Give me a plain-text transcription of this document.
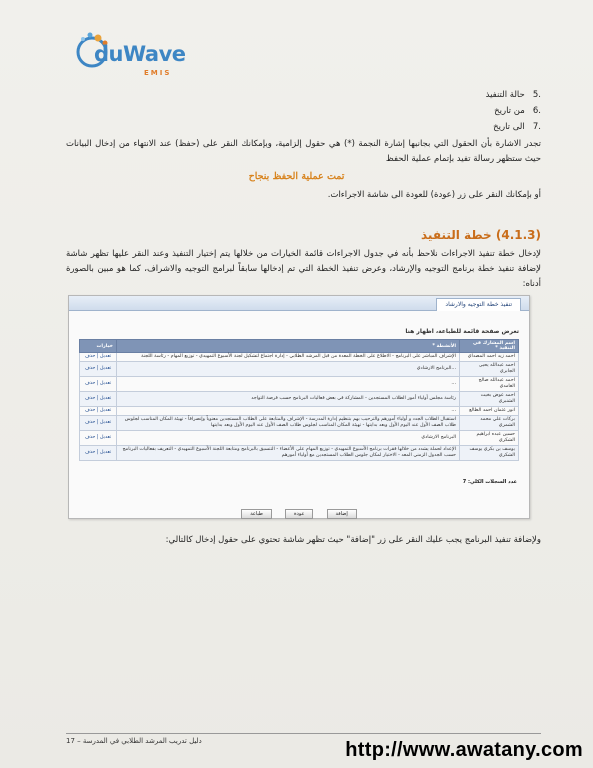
duWave
EMIS
.5   حالة التنفيذ
.6   من تاريخ
.7   الى تاريخ
تجدر الاشارة بأن الحقول التي بجانبها إشارة النجمة (*) هي حقول إلزامية، وبإمكانك النقر على (حفظ) عند الانتهاء من إدخال البيانات حيث ستظهر رسالة تفيد بإتمام عملية الحفظ
تمت عملية الحفظ بنجاح
أو بإمكانك النقر على زر (عودة) للعودة الى شاشة الاجراءات.
(4.1.3) خطة التنفيذ
لإدخال خطة تنفيذ الاجراءات نلاحظ بأنه في جدول الاجراءات قائمة الخيارات من خلالها يتم إختيار التنفيذ وعند النقر عليها تظهر شاشة لإضافة تنفيذ خطة برنامج التوجيه والإرشاد، وعرض تنفيذ الخطة التي تم إدخالها سابقاً لبرامج التوجيه والاشراف، كما هو مبين بالصورة أدناه:
تنفيذ خطة التوجيه والارشاد
تعرض صفحة قائمة للطباعة، اظهار هنا
اسم المشارك في التنفيذ *	الأنشطة *	خيارات
احمد زيد احمد المصداي	الإشراف المباشر على البرنامج - الاطلاع على الخطة المعدة من قبل المرشد الطلابي - إدارة اجتماع لتشكيل لجنة الأسبوع التمهيدي - توزيع المهام - رئاسة اللجنة	تعديل | حذف
احمد عبدالله يحيى الجابري	...البرنامج الارشادي	تعديل | حذف
احمد عبدالله صالح الغامدي	...	تعديل | حذف
احمد عوض بخيت الشنبري	رئاسة مجلس أولياء أمور الطلاب المستجدين - المشاركة في بعض فعاليات البرنامج حسب فرصة التواجد	تعديل | حذف
انور عثمان احمد الطالع	...	تعديل | حذف
بركات علي محمد الشمري	استقبال الطلاب الجدد و أولياء أمورهم والترحيب بهم بتنظيم إدارة المدرسة - الإشراف والمتابعة على الطلاب المستجدين معنوياً وإنصرافاً - تهيئة المكان المناسب لجلوس طلاب الصف الأول عند اليوم الأول وبعد بدايتها - تهيئة المكان المناسب لجلوس طلاب الصف الأول عند اليوم الأول وبعد بدايتها	تعديل | حذف
حسين عبده ابراهيم الشكري	البرنامج الارشادي	تعديل | حذف
يوسف بن بكري يوسف الشكري	الإعداد لحملة يشدد من خلالها فقرات برنامج الأسبوع التمهيدي - توزيع المهام على الأعضاء - التنسيق بالبرنامج ومتابعة اللجنة الأسبوع التمهيدي - التعريف بفعاليات البرنامج حسب الجدول الزمني المعد - الاختيار لمكان جلوس الطلاب المستجدين مع أولياء أمورهم	تعديل | حذف
عدد السجلات الكلي: 7
طباعة	عودة	إضافة
ولإضافة تنفيذ البرنامج يجب عليك النقر على زر "إضافة" حيث تظهر شاشة تحتوي على حقول إدخال كالتالي:
دليل تدريب المرشد الطلابي في المدرسة – 17	http://www.awatany.com
